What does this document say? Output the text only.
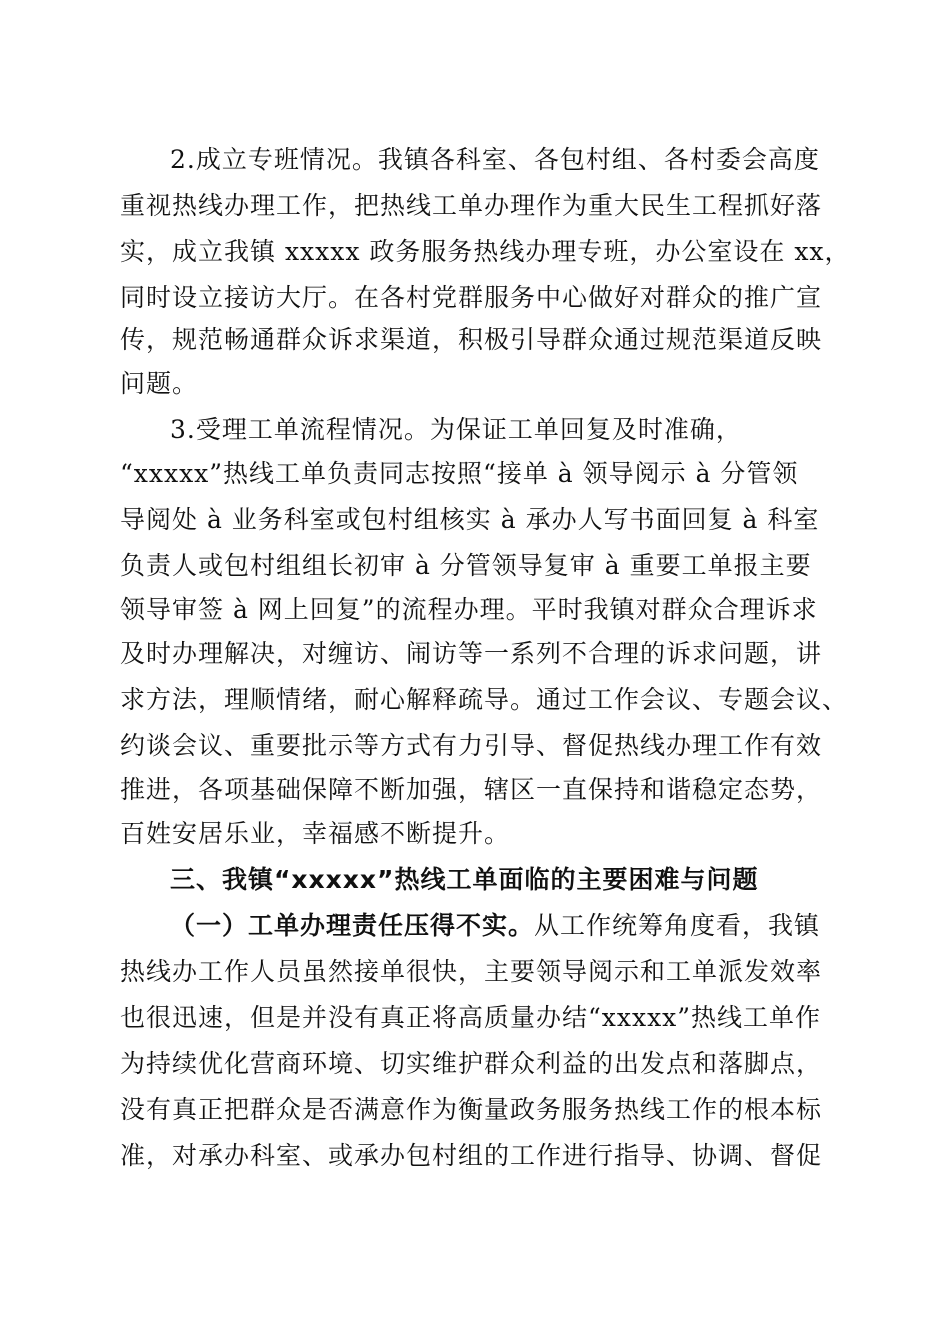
2.成立专班情况。我镇各科室、各包村组、各村委会高度
重视热线办理工作，把热线工单办理作为重大民生工程抓好落
实，成立我镇 xxxxx 政务服务热线办理专班，办公室设在 xx，
同时设立接访大厅。在各村党群服务中心做好对群众的推广宣
传，规范畅通群众诉求渠道，积极引导群众通过规范渠道反映
问题。
3.受理工单流程情况。为保证工单回复及时准确，
“xxxxx”热线工单负责同志按照“接单 à 领导阅示 à 分管领
导阅处 à 业务科室或包村组核实 à 承办人写书面回复 à 科室
负责人或包村组组长初审 à 分管领导复审 à 重要工单报主要
领导审签 à 网上回复”的流程办理。平时我镇对群众合理诉求
及时办理解决，对缠访、闹访等一系列不合理的诉求问题，讲
求方法，理顺情绪，耐心解释疏导。通过工作会议、专题会议、
约谈会议、重要批示等方式有力引导、督促热线办理工作有效
推进，各项基础保障不断加强，辖区一直保持和谐稳定态势，
百姓安居乐业，幸福感不断提升。
三、我镇“xxxxx”热线工单面临的主要困难与问题
（一）工单办理责任压得不实。从工作统筹角度看，我镇
热线办工作人员虽然接单很快，主要领导阅示和工单派发效率
也很迅速，但是并没有真正将高质量办结“xxxxx”热线工单作
为持续优化营商环境、切实维护群众利益的出发点和落脚点，
没有真正把群众是否满意作为衡量政务服务热线工作的根本标
准，对承办科室、或承办包村组的工作进行指导、协调、督促
